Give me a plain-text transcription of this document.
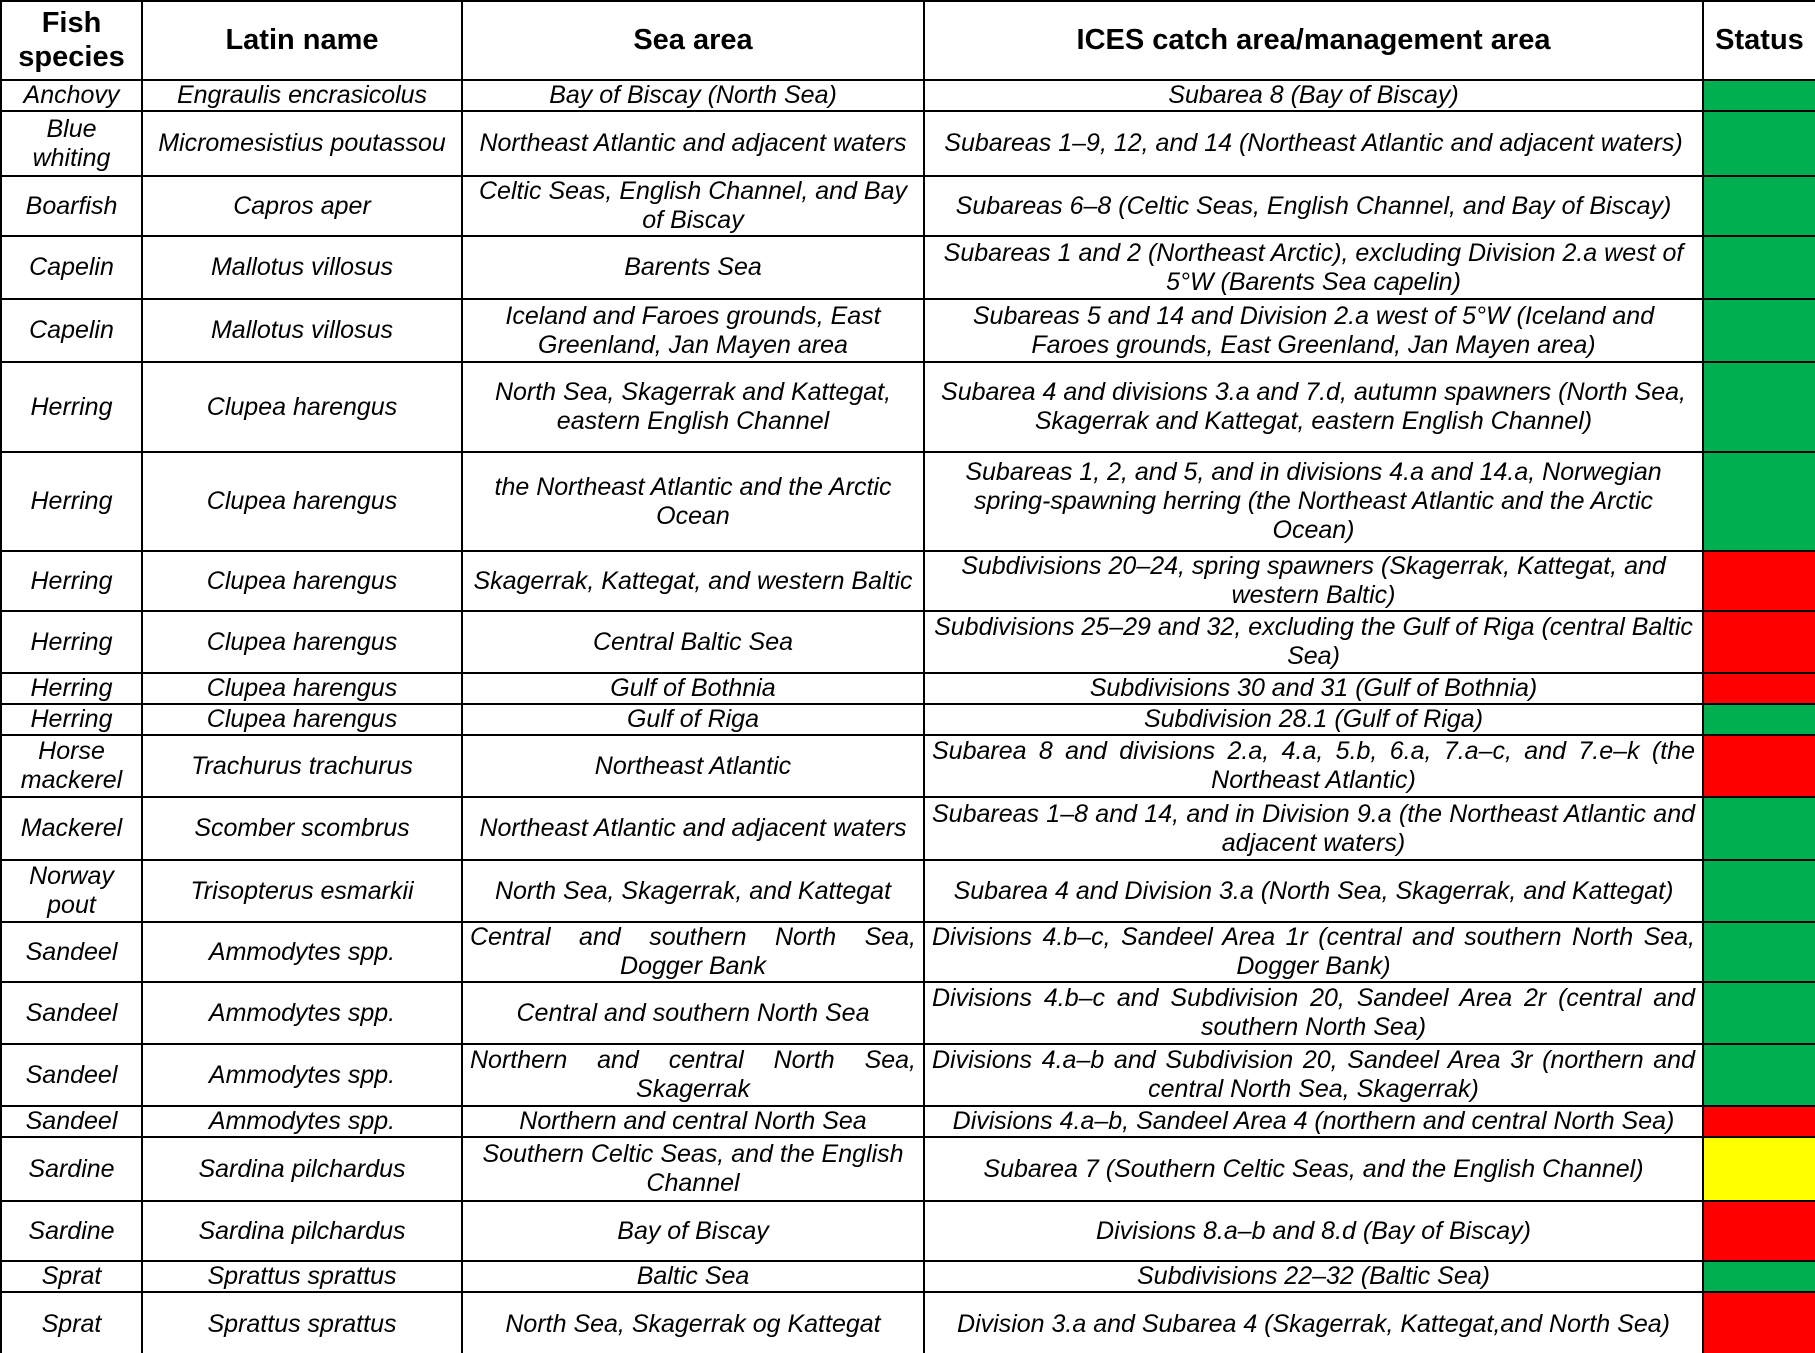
Fish species	Latin name	Sea area	ICES catch area/management area	Status
Anchovy	Engraulis encrasicolus	Bay of Biscay (North Sea)	Subarea 8 (Bay of Biscay)	
Blue whiting	Micromesistius poutassou	Northeast Atlantic and adjacent waters	Subareas 1–9, 12, and 14 (Northeast Atlantic and adjacent waters)	
Boarfish	Capros aper	Celtic Seas, English Channel, and Bay of Biscay	Subareas 6–8 (Celtic Seas, English Channel, and Bay of Biscay)	
Capelin	Mallotus villosus	Barents Sea	Subareas 1 and 2 (Northeast Arctic), excluding Division 2.a west of 5°W (Barents Sea capelin)	
Capelin	Mallotus villosus	Iceland and Faroes grounds, East Greenland, Jan Mayen area	Subareas 5 and 14 and Division 2.a west of 5°W (Iceland and Faroes grounds, East Greenland, Jan Mayen area)	
Herring	Clupea harengus	North Sea, Skagerrak and Kattegat, eastern English Channel	Subarea 4 and divisions 3.a and 7.d, autumn spawners (North Sea, Skagerrak and Kattegat, eastern English Channel)	
Herring	Clupea harengus	the Northeast Atlantic and the Arctic Ocean	Subareas 1, 2, and 5, and in divisions 4.a and 14.a, Norwegian spring-spawning herring (the Northeast Atlantic and the Arctic Ocean)	
Herring	Clupea harengus	Skagerrak, Kattegat, and western Baltic	Subdivisions 20–24, spring spawners (Skagerrak, Kattegat, and western Baltic)	
Herring	Clupea harengus	Central Baltic Sea	Subdivisions 25–29 and 32, excluding the Gulf of Riga (central Baltic Sea)	
Herring	Clupea harengus	Gulf of Bothnia	Subdivisions 30 and 31 (Gulf of Bothnia)	
Herring	Clupea harengus	Gulf of Riga	Subdivision 28.1 (Gulf of Riga)	
Horse mackerel	Trachurus trachurus	Northeast Atlantic	Subarea 8 and divisions 2.a, 4.a, 5.b, 6.a, 7.a–c, and 7.e–k (the Northeast Atlantic)	
Mackerel	Scomber scombrus	Northeast Atlantic and adjacent waters	Subareas 1–8 and 14, and in Division 9.a (the Northeast Atlantic and adjacent waters)	
Norway pout	Trisopterus esmarkii	North Sea, Skagerrak, and Kattegat	Subarea 4 and Division 3.a (North Sea, Skagerrak, and Kattegat)	
Sandeel	Ammodytes spp.	Central and southern North Sea, Dogger Bank	Divisions 4.b–c, Sandeel Area 1r (central and southern North Sea, Dogger Bank)	
Sandeel	Ammodytes spp.	Central and southern North Sea	Divisions 4.b–c and Subdivision 20, Sandeel Area 2r (central and southern North Sea)	
Sandeel	Ammodytes spp.	Northern and central North Sea, Skagerrak	Divisions 4.a–b and Subdivision 20, Sandeel Area 3r (northern and central North Sea, Skagerrak)	
Sandeel	Ammodytes spp.	Northern and central North Sea	Divisions 4.a–b, Sandeel Area 4 (northern and central North Sea)	
Sardine	Sardina pilchardus	Southern Celtic Seas, and the English Channel	Subarea 7 (Southern Celtic Seas, and the English Channel)	
Sardine	Sardina pilchardus	Bay of Biscay	Divisions 8.a–b and 8.d (Bay of Biscay)	
Sprat	Sprattus sprattus	Baltic Sea	Subdivisions 22–32 (Baltic Sea)	
Sprat	Sprattus sprattus	North Sea, Skagerrak og Kattegat	Division 3.a and Subarea 4 (Skagerrak, Kattegat,and North Sea)	
